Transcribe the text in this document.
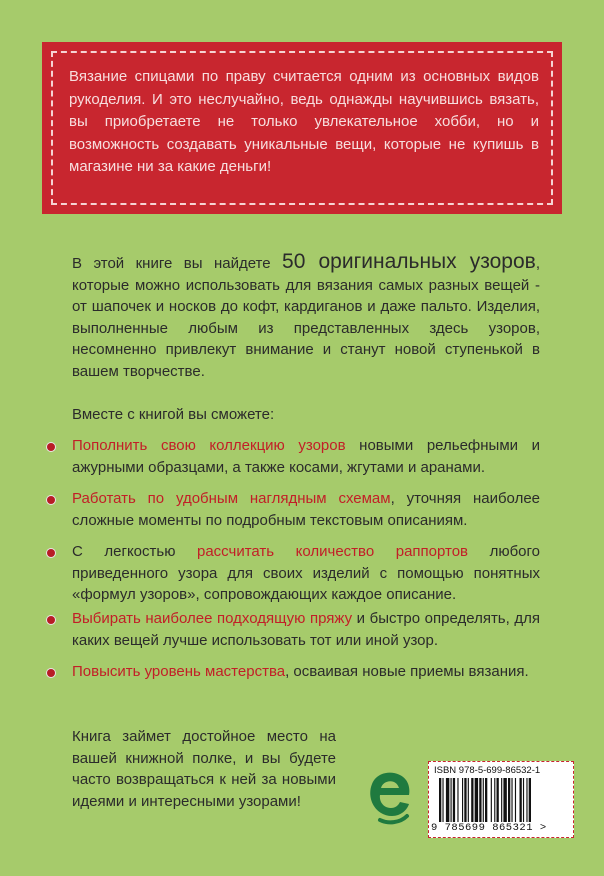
Вязание спицами по праву считается одним из основных видов рукоделия. И это неслучайно, ведь однажды научившись вязать, вы приобретаете не только увлекательное хобби, но и возможность создавать уникальные вещи, которые не купишь в магазине ни за какие деньги!

В этой книге вы найдете 50 оригинальных узоров, которые можно использовать для вязания самых разных вещей - от шапочек и носков до кофт, кардиганов и даже пальто. Изделия, выполненные любым из представленных здесь узоров, несомненно привлекут внимание и станут новой ступенькой в вашем творчестве.

Вместе с книгой вы сможете:

Пополнить свою коллекцию узоров новыми рельефными и ажурными образцами, а также косами, жгутами и аранами.

Работать по удобным наглядным схемам, уточняя наиболее сложные моменты по подробным текстовым описаниям.

С легкостью рассчитать количество раппортов любого приведенного узора для своих изделий с помощью понятных «формул узоров», сопровождающих каждое описание.

Выбирать наиболее подходящую пряжу и быстро определять, для каких вещей лучше использовать тот или иной узор.

Повысить уровень мастерства, осваивая новые приемы вязания.

Книга займет достойное место на вашей книжной полке, и вы будете часто возвращаться к ней за новыми идеями и интересными узорами!

ISBN 978-5-699-86532-1
9 785699 865321 >
